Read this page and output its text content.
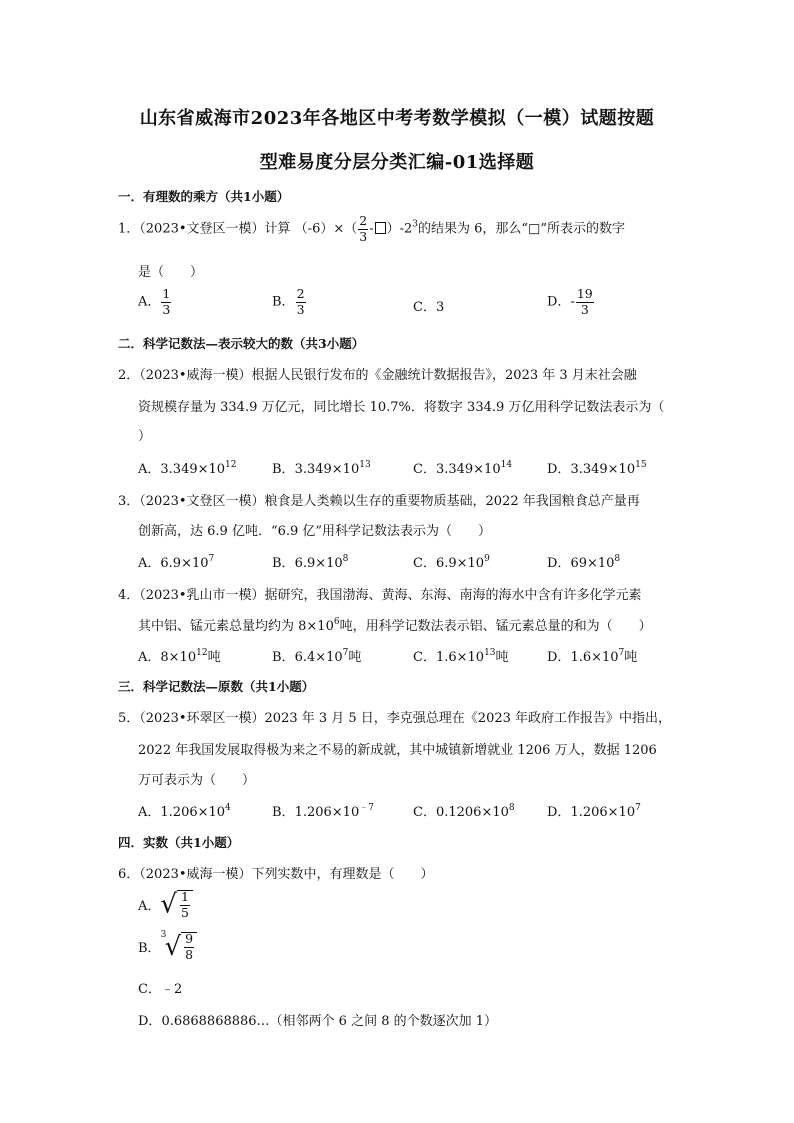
山东省威海市2023年各地区中考考数学模拟（一模）试题按题
型难易度分层分类汇编-01选择题
一．有理数的乘方（共1小题）
1．（2023•文登区一模）计算 $(-6)\times( \frac{2}{3} - )-2^3$的结果为 6，那么“□”所表示的数字
是（　　）
A． $\frac{1}{3}$	B． $\frac{2}{3}$	C．3	D．- $\frac{19}{3}$
二．科学记数法—表示较大的数（共3小题）
2．（2023•威海一模）根据人民银行发布的《金融统计数据报告》，2023 年 3 月末社会融
资规模存量为 334.9 万亿元，同比增长 10.7%．将数字 334.9 万亿用科学记数法表示为（
）
A．$3.349\times 10^{12}$	B．$3.349\times 10^{13}$	C．$3.349\times 10^{14}$	D．$3.349\times 10^{15}$
3．（2023•文登区一模）粮食是人类赖以生存的重要物质基础，2022 年我国粮食总产量再
创新高，达 6.9 亿吨．“6.9 亿”用科学记数法表示为（　　）
A．$6.9\times 10^7$	B．$6.9\times 10^8$	C．$6.9\times 10^9$	D．$69\times 10^8$
4．（2023•乳山市一模）据研究，我国渤海、黄海、东海、南海的海水中含有许多化学元素
其中铝、锰元素总量均约为 $8\times 10^6$吨，用科学记数法表示铝、锰元素总量的和为（　　）
A．$8\times 10^{12}$吨	B．$6.4\times 10^7$吨	C．$1.6\times 10^{13}$吨	D．$1.6\times 10^7$吨
三．科学记数法—原数（共1小题）
5．（2023•环翠区一模）2023 年 3 月 5 日，李克强总理在《2023 年政府工作报告》中指出，
2022 年我国发展取得极为来之不易的新成就，其中城镇新增就业 1206 万人，数据 1206
万可表示为（　　）
A．$1.206\times 10^4$	B．$1.206\times 10^{﹣7}$	C．$0.1206\times 10^8$ D．$1.206\times 10^7$
四．实数（共1小题）
6．（2023•威海一模）下列实数中，有理数是（　　）
A．√ $\frac{1}{5}$
B．
3
√ $\frac{9}{8}$
C．﹣2
D．0.6868868886…（相邻两个 6 之间 8 的个数逐次加 1）
